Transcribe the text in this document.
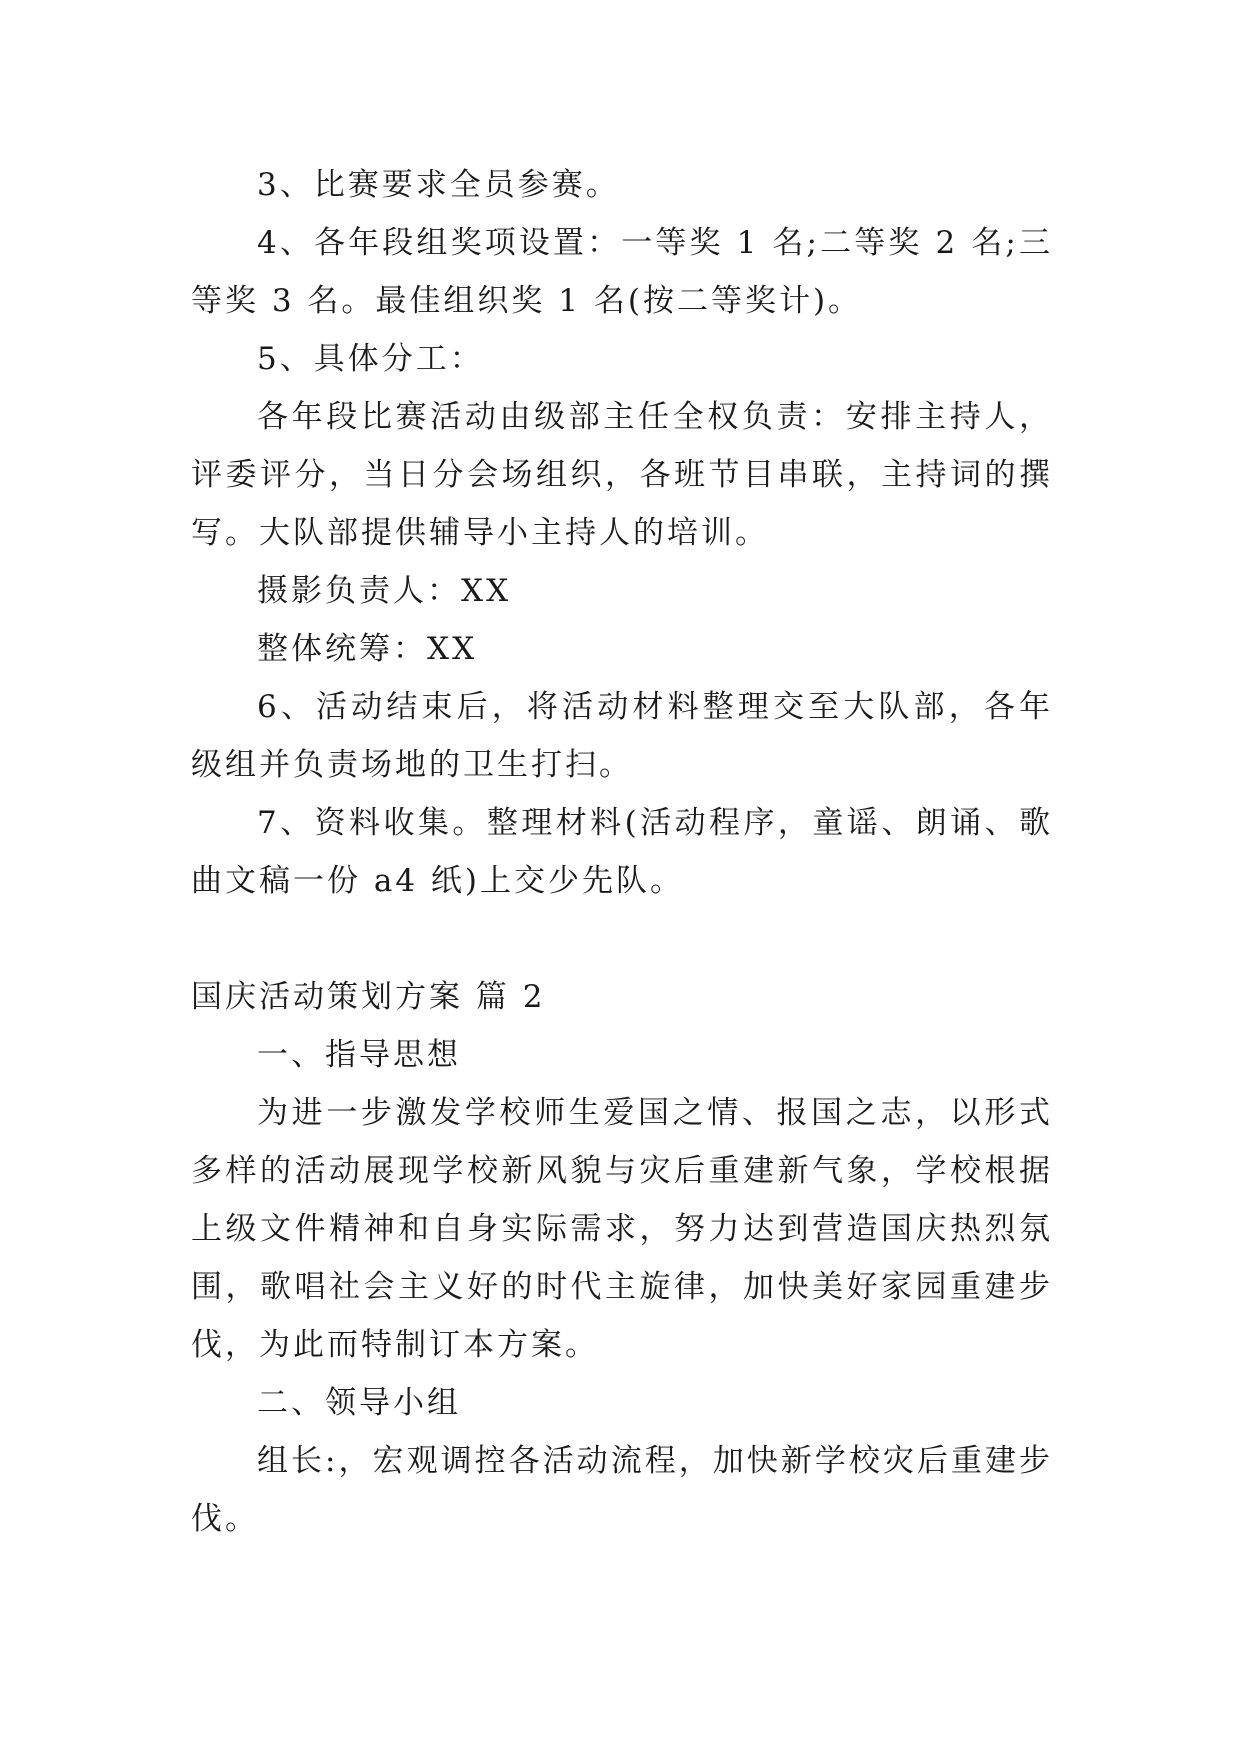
3、比赛要求全员参赛。

4、各年段组奖项设置：一等奖 1 名;二等奖 2 名;三等奖 3 名。最佳组织奖 1 名(按二等奖计)。

5、具体分工：

各年段比赛活动由级部主任全权负责：安排主持人，评委评分，当日分会场组织，各班节目串联，主持词的撰写。大队部提供辅导小主持人的培训。

摄影负责人：XX

整体统筹：XX

6、活动结束后，将活动材料整理交至大队部，各年级组并负责场地的卫生打扫。

7、资料收集。整理材料(活动程序，童谣、朗诵、歌曲文稿一份 a4 纸)上交少先队。

国庆活动策划方案 篇 2

一、指导思想

为进一步激发学校师生爱国之情、报国之志，以形式多样的活动展现学校新风貌与灾后重建新气象，学校根据上级文件精神和自身实际需求，努力达到营造国庆热烈氛围，歌唱社会主义好的时代主旋律，加快美好家园重建步伐，为此而特制订本方案。

二、领导小组

组长:，宏观调控各活动流程，加快新学校灾后重建步伐。
